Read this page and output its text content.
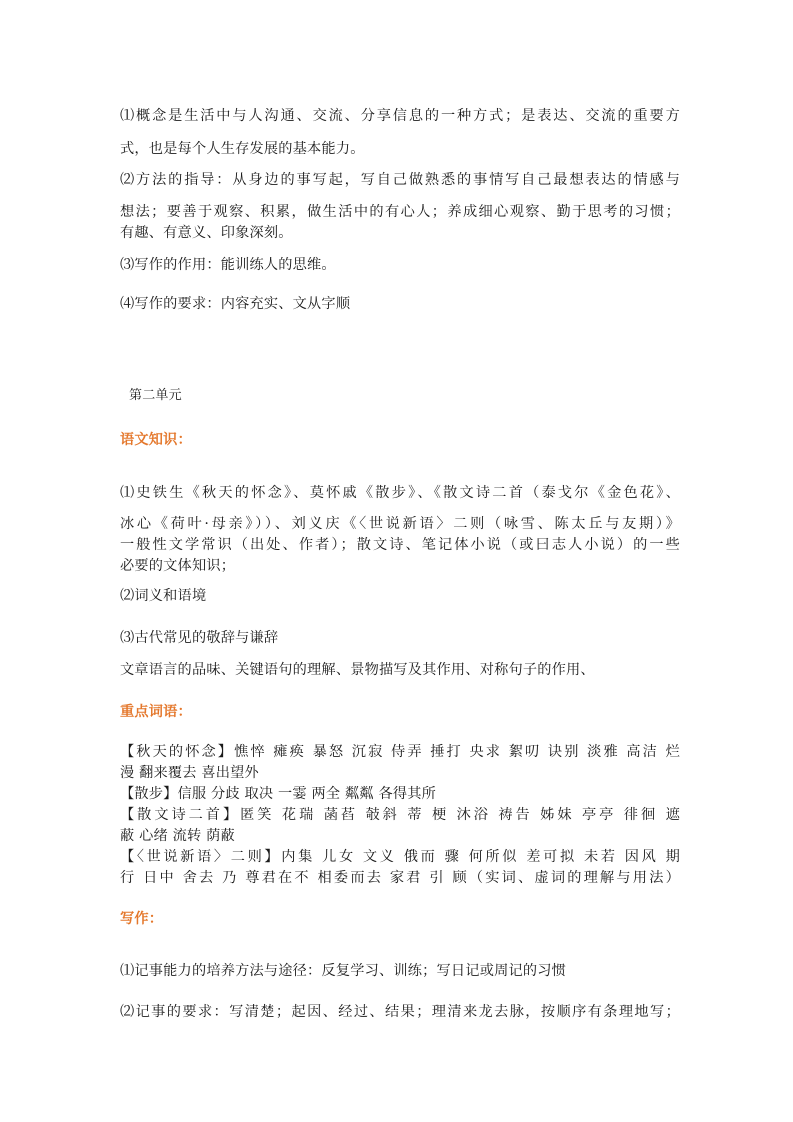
⑴概念是生活中与人沟通、交流、分享信息的一种方式；是表达、交流的重要方
式，也是每个人生存发展的基本能力。
⑵方法的指导：从身边的事写起，写自己做熟悉的事情写自己最想表达的情感与
想法；要善于观察、积累，做生活中的有心人；养成细心观察、勤于思考的习惯；
有趣、有意义、印象深刻。
⑶写作的作用：能训练人的思维。
⑷写作的要求：内容充实、文从字顺
第二单元
语文知识：
⑴史铁生《秋天的怀念》、莫怀戚《散步》、《散文诗二首（泰戈尔《金色花》、
冰心《荷叶·母亲》））、刘义庆《〈世说新语〉二则（咏雪、陈太丘与友期）》
一般性文学常识（出处、作者）；散文诗、笔记体小说（或曰志人小说）的一些
必要的文体知识；
⑵词义和语境
⑶古代常见的敬辞与谦辞
文章语言的品味、关键语句的理解、景物描写及其作用、对称句子的作用、
重点词语：
【秋天的怀念】憔悴 瘫痪 暴怒 沉寂 侍弄 捶打 央求 絮叨 诀别 淡雅 高洁 烂
漫 翻来覆去 喜出望外
【散步】信服 分歧 取决 一霎 两全 粼粼 各得其所
【散文诗二首】匿笑 花瑞 菡萏 攲斜 蒂 梗 沐浴 祷告 姊妹 亭亭 徘徊 遮
蔽 心绪 流转 荫蔽
【〈世说新语〉二则】内集 儿女 文义 俄而 骤 何所似 差可拟 未若 因风 期
行 日中 舍去 乃 尊君在不 相委而去 家君 引 顾（实词、虚词的理解与用法）
写作：
⑴记事能力的培养方法与途径：反复学习、训练；写日记或周记的习惯
⑵记事的要求：写清楚；起因、经过、结果；理清来龙去脉，按顺序有条理地写；
